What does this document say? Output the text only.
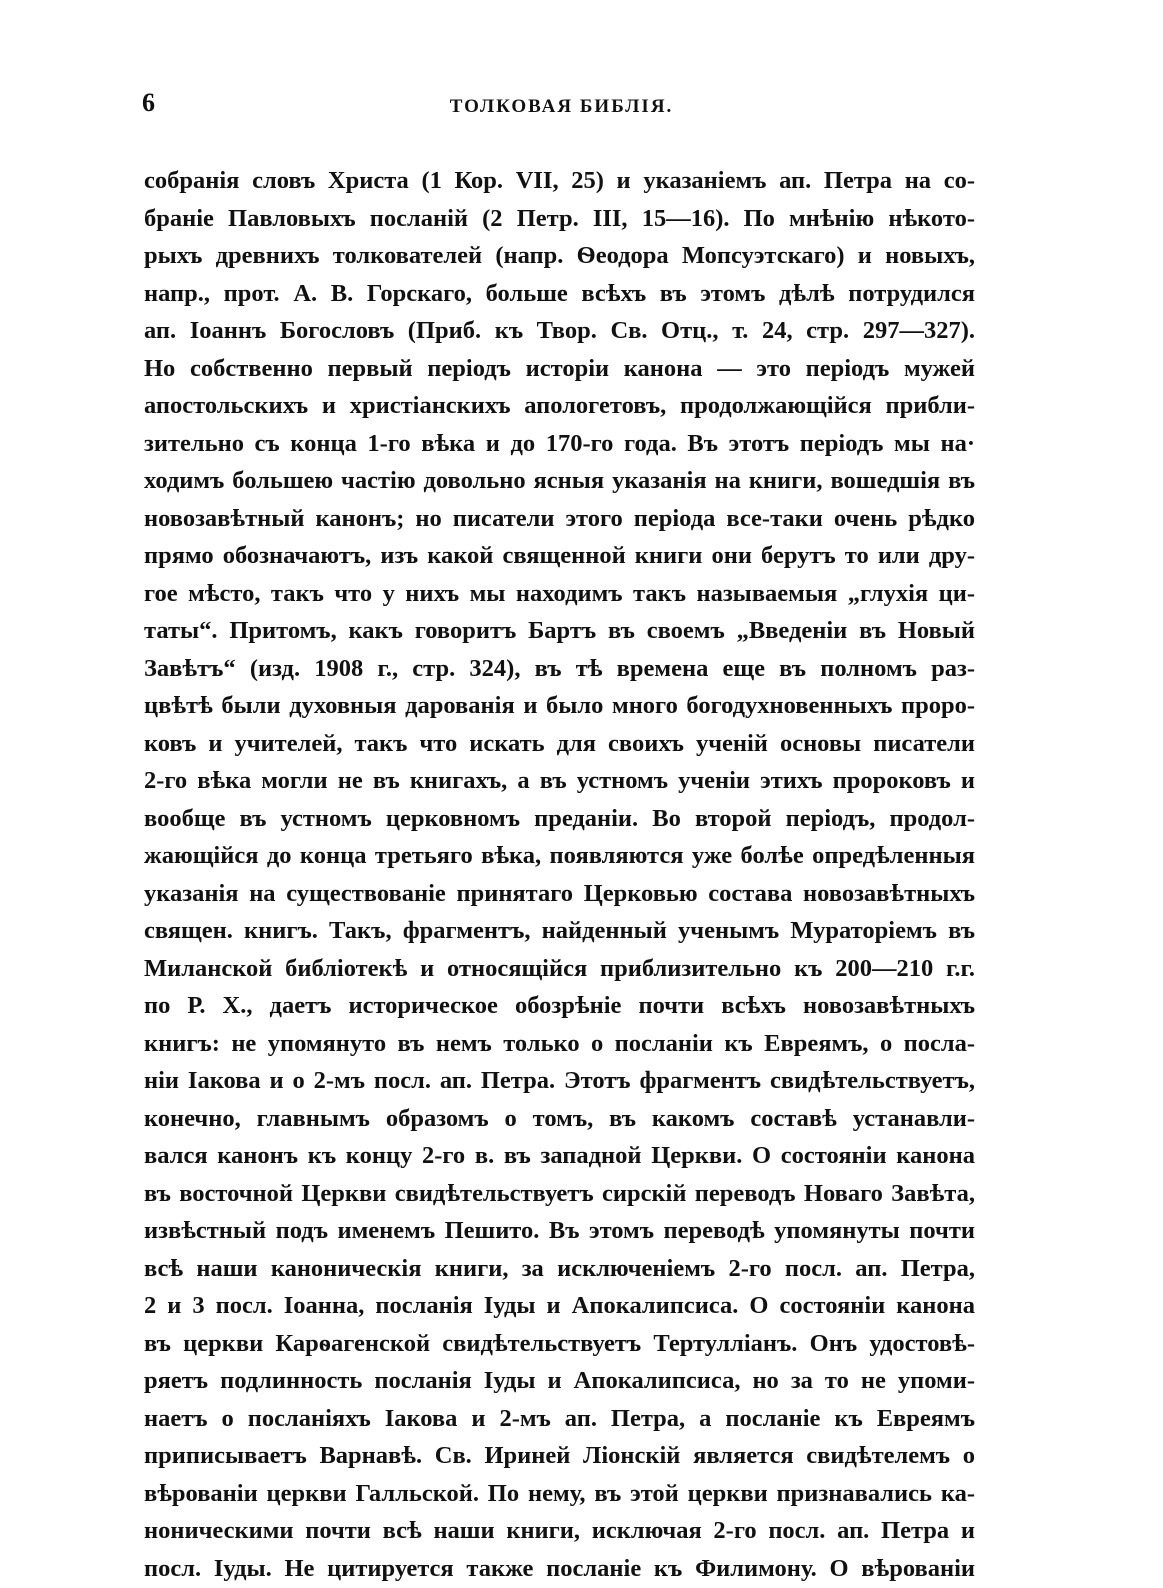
6	ТОЛКОВАЯ БИБЛІЯ.
собранія словъ Христа (1 Кор. VII, 25) и указаніемъ ап. Петра на со-
браніе Павловыхъ посланій (2 Петр. III, 15—16). По мнѣнію нѣкото-
рыхъ древнихъ толкователей (напр. Ѳеодора Мопсуэтскаго) и новыхъ,
напр., прот. А. В. Горскаго, больше всѣхъ въ этомъ дѣлѣ потрудился
ап. Іоаннъ Богословъ (Приб. къ Твор. Св. Отц., т. 24, стр. 297—327).
Но собственно первый періодъ исторіи канона — это періодъ мужей
апостольскихъ и христіанскихъ апологетовъ, продолжающійся прибли-
зительно съ конца 1-го вѣка и до 170-го года. Въ этотъ періодъ мы на·
ходимъ большею частію довольно ясныя указанія на книги, вошедшія въ
новозавѣтный канонъ; но писатели этого періода все-таки очень рѣдко
прямо обозначаютъ, изъ какой священной книги они берутъ то или дру-
гое мѣсто, такъ что у нихъ мы находимъ такъ называемыя „глухія ци-
таты“. Притомъ, какъ говоритъ Бартъ въ своемъ „Введеніи въ Новый
Завѣтъ“ (изд. 1908 г., стр. 324), въ тѣ времена еще въ полномъ раз-
цвѣтѣ были духовныя дарованія и было много богодухновенныхъ проро-
ковъ и учителей, такъ что искать для своихъ ученій основы писатели
2-го вѣка могли не въ книгахъ, а въ устномъ ученіи этихъ пророковъ и
вообще въ устномъ церковномъ преданіи. Во второй періодъ, продол-
жающійся до конца третьяго вѣка, появляются уже болѣе опредѣленныя
указанія на существованіе принятаго Церковью состава новозавѣтныхъ
священ. книгъ. Такъ, фрагментъ, найденный ученымъ Мураторіемъ въ
Миланской библіотекѣ и относящійся приблизительно къ 200—210 г.г.
по Р. Х., даетъ историческое обозрѣніе почти всѣхъ новозавѣтныхъ
книгъ: не упомянуто въ немъ только о посланіи къ Евреямъ, о посла-
ніи Іакова и о 2-мъ посл. ап. Петра. Этотъ фрагментъ свидѣтельствуетъ,
конечно, главнымъ образомъ о томъ, въ какомъ составѣ устанавли-
вался канонъ къ концу 2-го в. въ западной Церкви. О состояніи канона
въ восточной Церкви свидѣтельствуетъ сирскій переводъ Новаго Завѣта,
извѣстный подъ именемъ Пешито. Въ этомъ переводѣ упомянуты почти
всѣ наши каноническія книги, за исключеніемъ 2-го посл. ап. Петра,
2 и 3 посл. Іоанна, посланія Іуды и Апокалипсиса. О состояніи канона
въ церкви Карѳагенской свидѣтельствуетъ Тертулліанъ. Онъ удостовѣ-
ряетъ подлинность посланія Іуды и Апокалипсиса, но за то не упоми-
наетъ о посланіяхъ Іакова и 2-мъ ап. Петра, а посланіе къ Евреямъ
приписываетъ Варнавѣ. Св. Ириней Ліонскій является свидѣтелемъ о
вѣрованіи церкви Галльской. По нему, въ этой церкви признавались ка-
ноническими почти всѣ наши книги, исключая 2-го посл. ап. Петра и
посл. Іуды. Не цитируется также посланіе къ Филимону. О вѣрованіи
